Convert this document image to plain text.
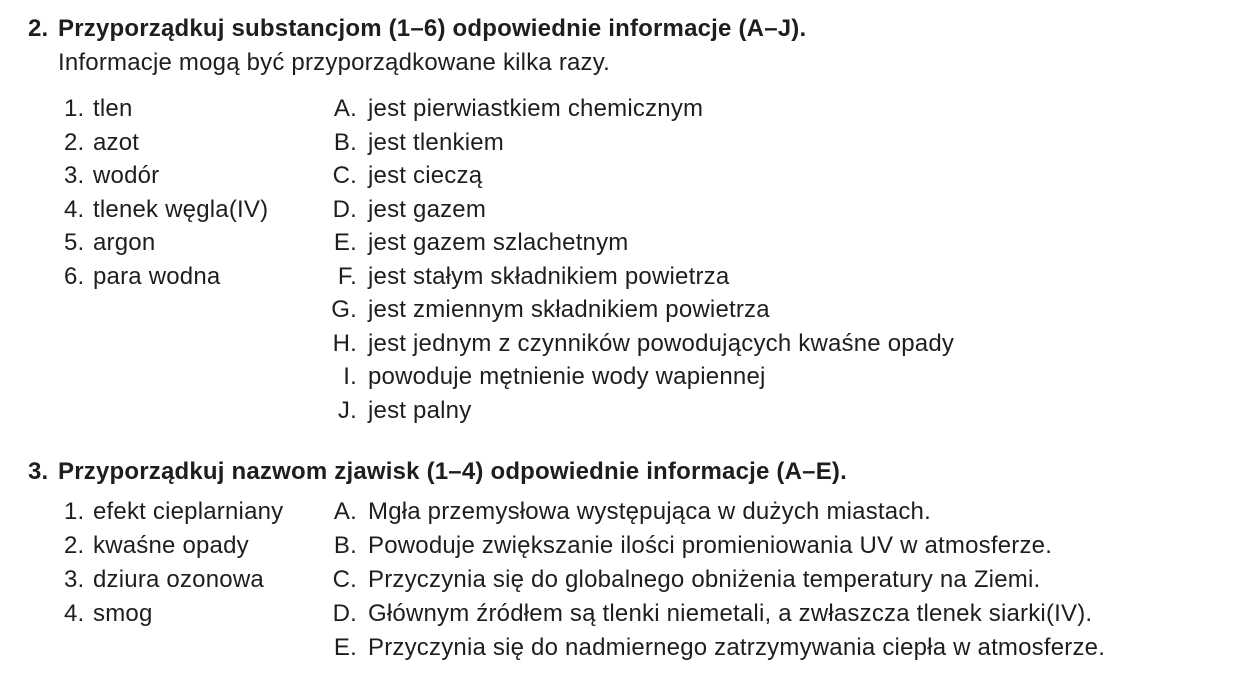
2. Przyporządkuj substancjom (1–6) odpowiednie informacje (A–J).
Informacje mogą być przyporządkowane kilka razy.
1. tlen
2. azot
3. wodór
4. tlenek węgla(IV)
5. argon
6. para wodna
A. jest pierwiastkiem chemicznym
B. jest tlenkiem
C. jest cieczą
D. jest gazem
E. jest gazem szlachetnym
F. jest stałym składnikiem powietrza
G. jest zmiennym składnikiem powietrza
H. jest jednym z czynników powodujących kwaśne opady
I. powoduje mętnienie wody wapiennej
J. jest palny
3. Przyporządkuj nazwom zjawisk (1–4) odpowiednie informacje (A–E).
1. efekt cieplarniany
2. kwaśne opady
3. dziura ozonowa
4. smog
A. Mgła przemysłowa występująca w dużych miastach.
B. Powoduje zwiększanie ilości promieniowania UV w atmosferze.
C. Przyczynia się do globalnego obniżenia temperatury na Ziemi.
D. Głównym źródłem są tlenki niemetali, a zwłaszcza tlenek siarki(IV).
E. Przyczynia się do nadmiernego zatrzymywania ciepła w atmosferze.
